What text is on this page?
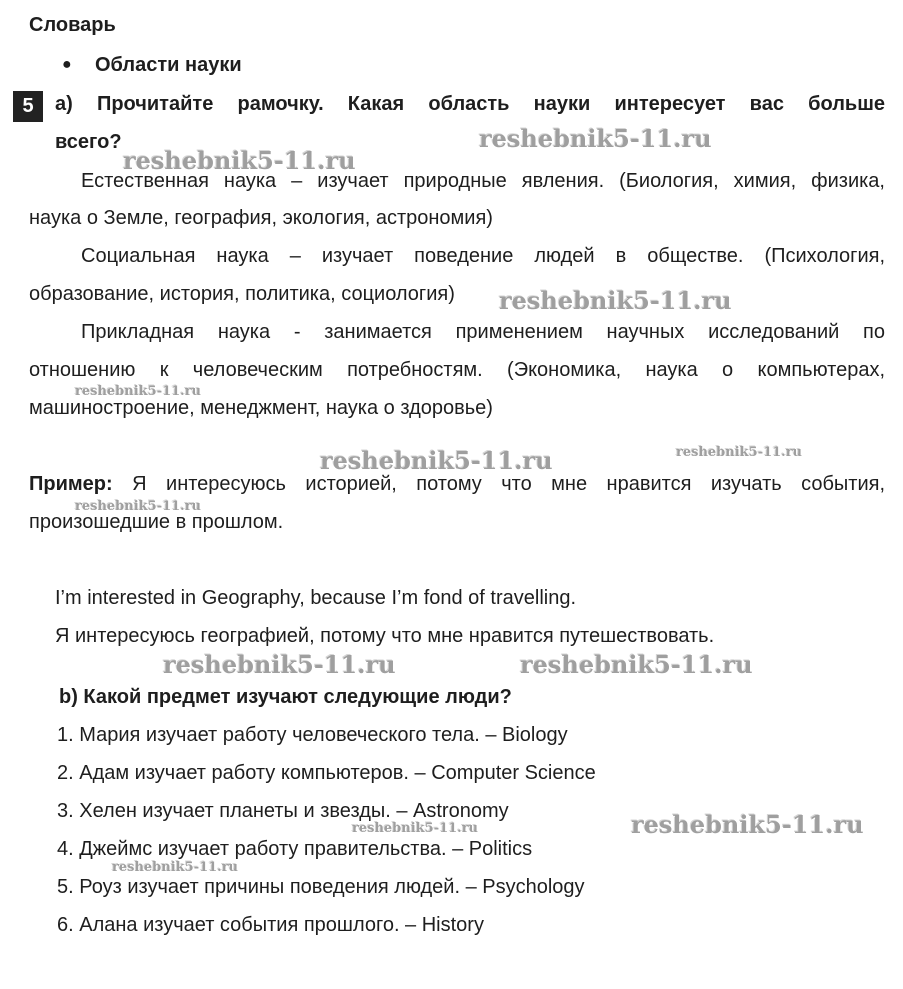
Словарь
● Области науки
5	a) Прочитайте рамочку. Какая область науки интересует вас больше
всего?
Естественная наука – изучает природные явления. (Биология, химия, физика,
наука о Земле, география, экология, астрономия)
Социальная наука – изучает поведение людей в обществе. (Психология,
образование, история, политика, социология)
Прикладная наука - занимается применением научных исследований по
отношению к человеческим потребностям. (Экономика, наука о компьютерах,
машиностроение, менеджмент, наука о здоровье)
Пример: Я интересуюсь историей, потому что мне нравится изучать события,
произошедшие в прошлом.
I’m interested in Geography, because I’m fond of travelling.
Я интересуюсь географией, потому что мне нравится путешествовать.
b) Какой предмет изучают следующие люди?
1. Мария изучает работу человеческого тела. – Biology
2. Адам изучает работу компьютеров. – Computer Science
3. Хелен изучает планеты и звезды. – Astronomy
4. Джеймс изучает работу правительства. – Politics
5. Роуз изучает причины поведения людей. – Psychology
6. Алана изучает события прошлого. – History
reshebnik5-11.ru
reshebnik5-11.ru
reshebnik5-11.ru
reshebnik5-11.ru
reshebnik5-11.ru	reshebnik5-11.ru
reshebnik5-11.ru
reshebnik5-11.ru	reshebnik5-11.ru
reshebnik5-11.ru
reshebnik5-11.ru
reshebnik5-11.ru
